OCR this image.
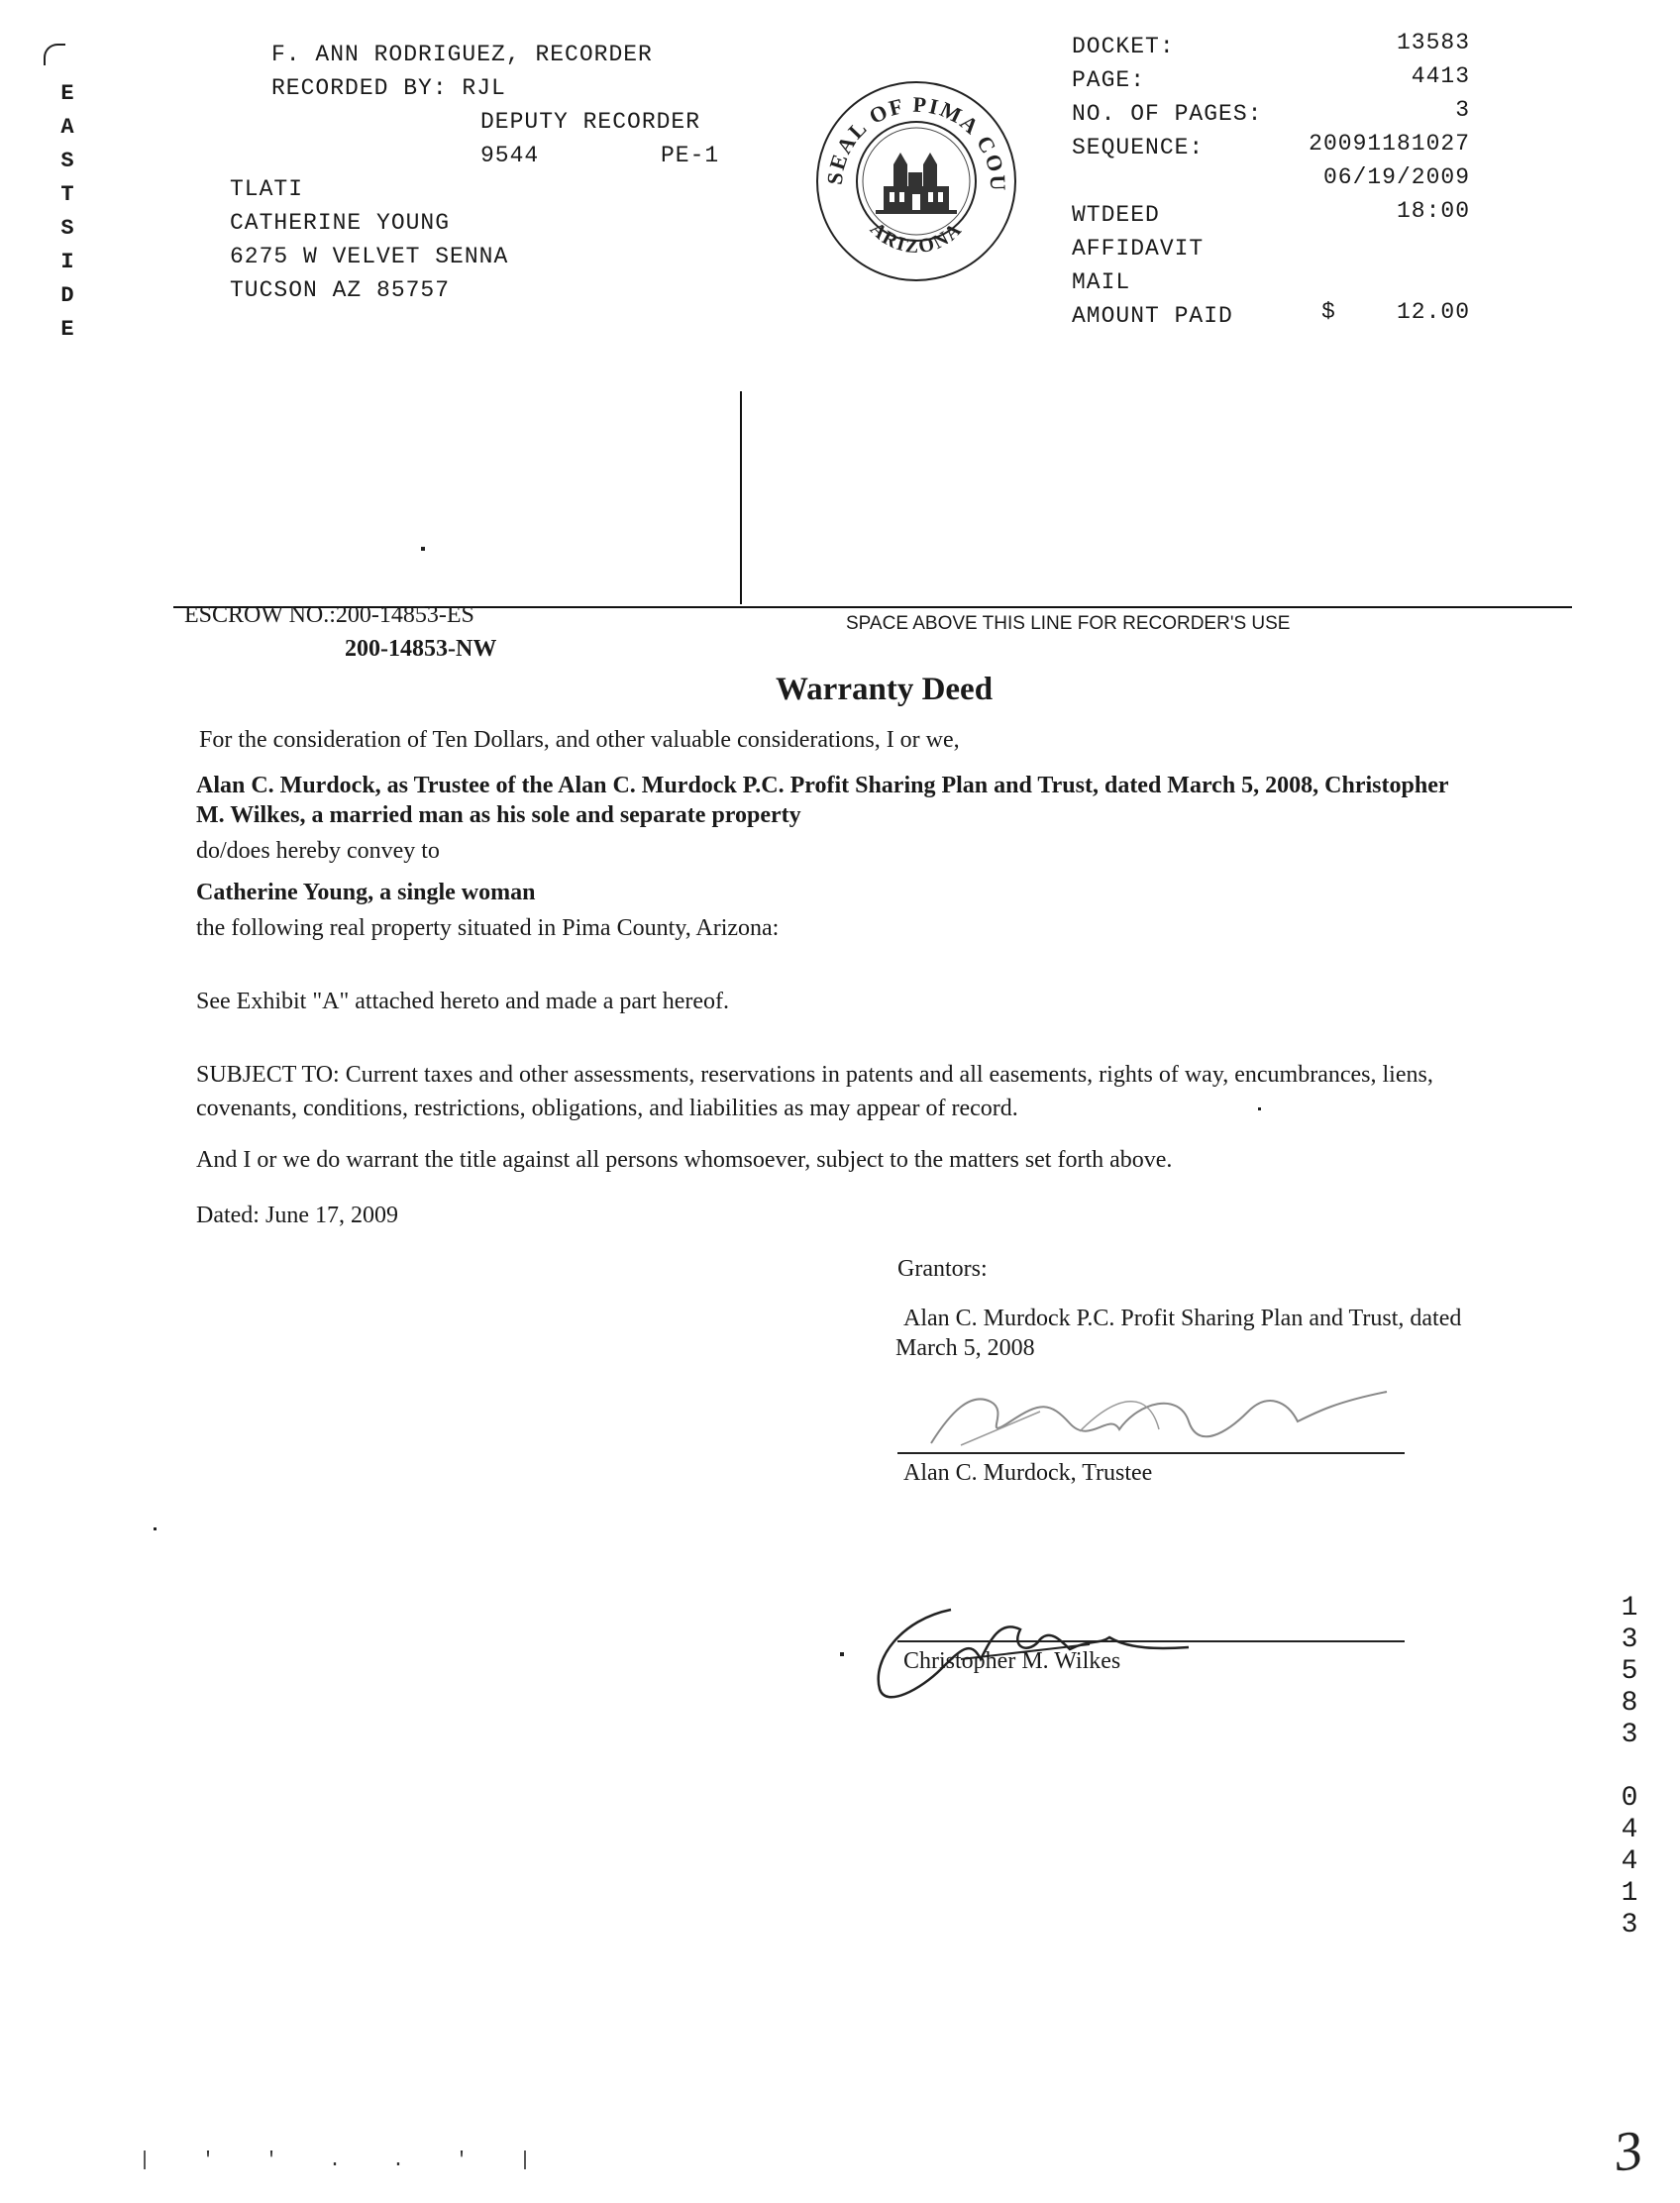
E
A
S
T
S
I
D
E
F. ANN RODRIGUEZ, RECORDER
RECORDED BY: RJL
DEPUTY RECORDER
9544	PE-1
TLATI
CATHERINE YOUNG
6275 W VELVET SENNA
TUCSON AZ 85757
THE SEAL OF PIMA COUNTY
ARIZONA
DOCKET:	13583
PAGE:	4413
NO. OF PAGES:	3
SEQUENCE:	20091181027
06/19/2009
WTDEED	18:00
AFFIDAVIT
MAIL
AMOUNT PAID	$	12.00
ESCROW NO.:200-14853-ES
200-14853-NW
SPACE ABOVE THIS LINE FOR RECORDER'S USE
Warranty Deed
For the consideration of Ten Dollars, and other valuable considerations, I or we,
Alan C. Murdock, as Trustee of the Alan C. Murdock P.C. Profit Sharing Plan and Trust, dated March 5, 2008, Christopher
M. Wilkes, a married man as his sole and separate property
do/does hereby convey to
Catherine Young, a single woman
the following real property situated in Pima County, Arizona:
See Exhibit "A" attached hereto and made a part hereof.
SUBJECT TO: Current taxes and other assessments, reservations in patents and all easements, rights of way, encumbrances, liens,
covenants, conditions, restrictions, obligations, and liabilities as may appear of record.
And I or we do warrant the title against all persons whomsoever, subject to the matters set forth above.
Dated: June 17, 2009
Grantors:
Alan C. Murdock P.C. Profit Sharing Plan and Trust, dated
March 5, 2008
Alan C. Murdock, Trustee
Christopher M. Wilkes
1
3
5
8
3
0
4
4
1
3
| ' ' . . ' |	3
